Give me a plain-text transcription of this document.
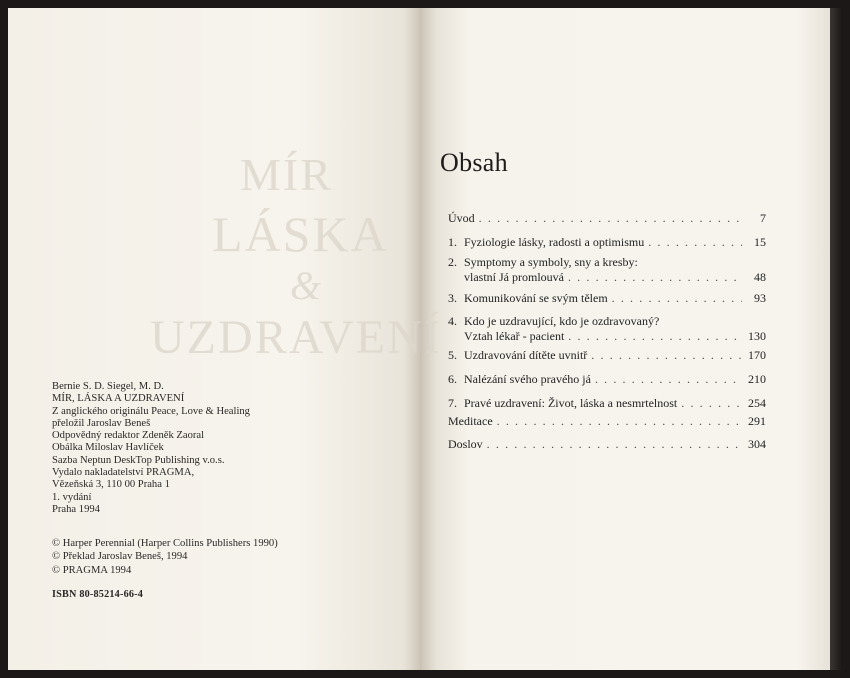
MÍR
LÁSKA
&
UZDRAVENÍ
Bernie S. D. Siegel, M. D.
MÍR, LÁSKA A UZDRAVENÍ
Z anglického originálu Peace, Love & Healing
přeložil Jaroslav Beneš
Odpovědný redaktor Zdeněk Zaoral
Obálka Miloslav Havlíček
Sazba Neptun DeskTop Publishing v.o.s.
Vydalo nakladatelství PRAGMA,
Vězeňská 3, 110 00 Praha 1
1. vydání
Praha 1994
© Harper Perennial (Harper Collins Publishers 1990)
© Překlad Jaroslav Beneš, 1994
© PRAGMA 1994
ISBN 80-85214-66-4
Obsah
Úvod . . .	7
1. Fyziologie lásky, radosti a optimismu . . .	15
2. Symptomy a symboly, sny a kresby:
vlastní Já promlouvá . . .	48
3. Komunikování se svým tělem . . .	93
4. Kdo je uzdravující, kdo je ozdravovaný?
Vztah lékař - pacient . . .	130
5. Uzdravování dítěte uvnitř . . .	170
6. Nalézání svého pravého já . . .	210
7. Pravé uzdravení: Život, láska a nesmrtelnost . . .	254
Meditace . . .	291
Doslov . . .	304
